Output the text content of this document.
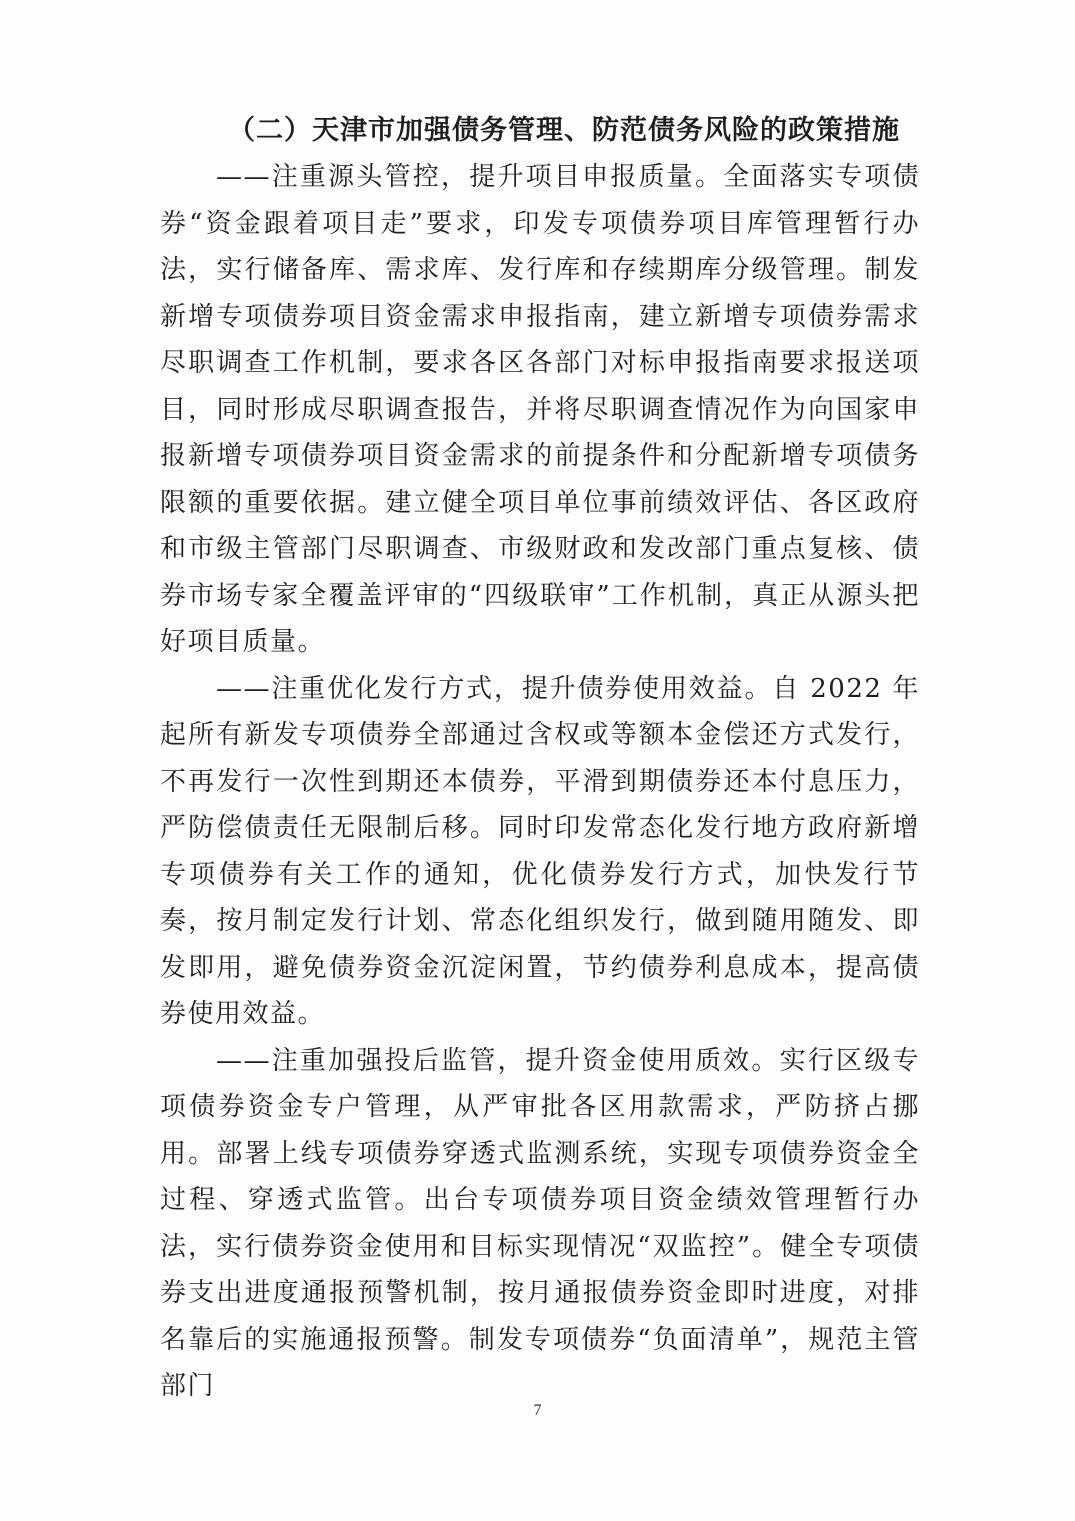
（二）天津市加强债务管理、防范债务风险的政策措施

——注重源头管控，提升项目申报质量。全面落实专项债券“资金跟着项目走”要求，印发专项债券项目库管理暂行办法，实行储备库、需求库、发行库和存续期库分级管理。制发新增专项债券项目资金需求申报指南，建立新增专项债券需求尽职调查工作机制，要求各区各部门对标申报指南要求报送项目，同时形成尽职调查报告，并将尽职调查情况作为向国家申报新增专项债券项目资金需求的前提条件和分配新增专项债务限额的重要依据。建立健全项目单位事前绩效评估、各区政府和市级主管部门尽职调查、市级财政和发改部门重点复核、债券市场专家全覆盖评审的“四级联审”工作机制，真正从源头把好项目质量。

——注重优化发行方式，提升债券使用效益。自 2022 年起所有新发专项债券全部通过含权或等额本金偿还方式发行，不再发行一次性到期还本债券，平滑到期债券还本付息压力，严防偿债责任无限制后移。同时印发常态化发行地方政府新增专项债券有关工作的通知，优化债券发行方式，加快发行节奏，按月制定发行计划、常态化组织发行，做到随用随发、即发即用，避免债券资金沉淀闲置，节约债券利息成本，提高债券使用效益。

——注重加强投后监管，提升资金使用质效。实行区级专项债券资金专户管理，从严审批各区用款需求，严防挤占挪用。部署上线专项债券穿透式监测系统，实现专项债券资金全过程、穿透式监管。出台专项债券项目资金绩效管理暂行办法，实行债券资金使用和目标实现情况“双监控”。健全专项债券支出进度通报预警机制，按月通报债券资金即时进度，对排名靠后的实施通报预警。制发专项债券“负面清单”，规范主管部门

7
